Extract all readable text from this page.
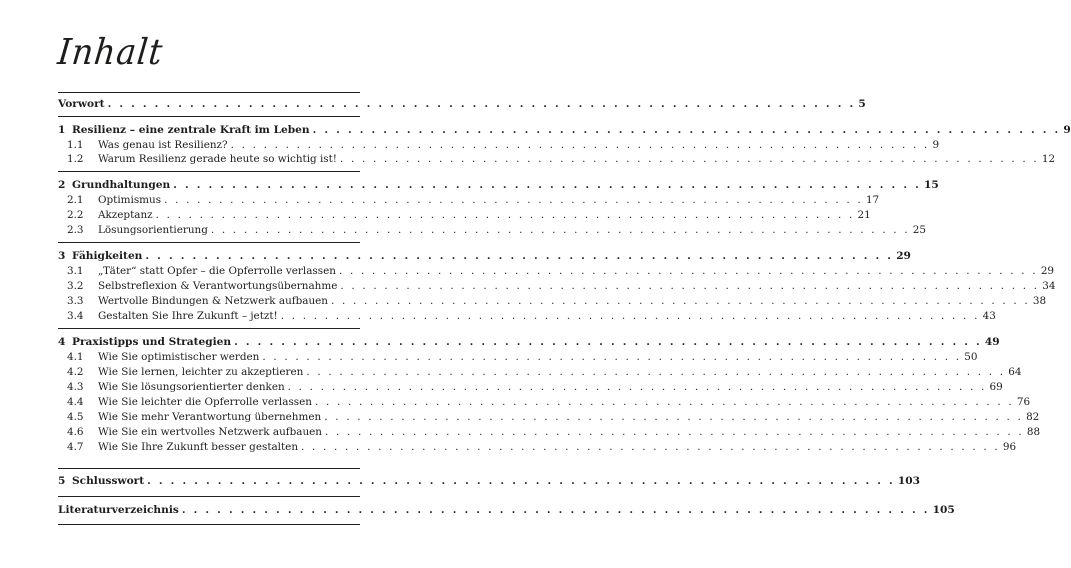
Inhalt
Vorwort . . .	5
1 Resilienz – eine zentrale Kraft im Leben . . .	9
1.1	Was genau ist Resilienz? . . .	9
1.2	Warum Resilienz gerade heute so wichtig ist! . . .	12
2 Grundhaltungen . . .	15
2.1	Optimismus . . .	17
2.2	Akzeptanz . . .	21
2.3	Lösungsorientierung . . .	25
3 Fähigkeiten . . .	29
3.1	„Täter“ statt Opfer – die Opferrolle verlassen . . .	29
3.2	Selbstreflexion & Verantwortungsübernahme . . .	34
3.3	Wertvolle Bindungen & Netzwerk aufbauen . . .	38
3.4	Gestalten Sie Ihre Zukunft – jetzt! . . .	43
4 Praxistipps und Strategien . . .	49
4.1	Wie Sie optimistischer werden . . .	50
4.2	Wie Sie lernen, leichter zu akzeptieren . . .	64
4.3	Wie Sie lösungsorientierter denken . . .	69
4.4	Wie Sie leichter die Opferrolle verlassen . . .	76
4.5	Wie Sie mehr Verantwortung übernehmen . . .	82
4.6	Wie Sie ein wertvolles Netzwerk aufbauen . . .	88
4.7	Wie Sie Ihre Zukunft besser gestalten . . .	96
5 Schlusswort . . .	103
Literaturverzeichnis . . .	105
